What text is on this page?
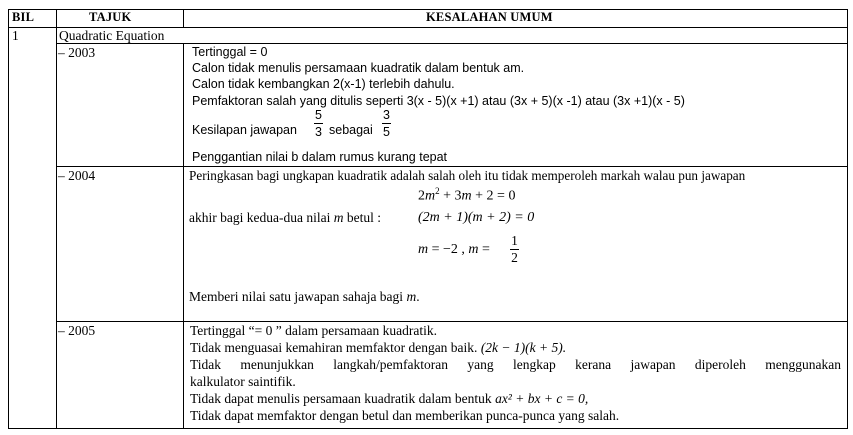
BIL	TAJUK	KESALAHAN UMUM
1	Quadratic Equation
– 2003	Tertinggal = 0
Calon tidak menulis persamaan kuadratik dalam bentuk am.
Calon tidak kembangkan 2(x-1) terlebih dahulu.
Pemfaktoran salah yang ditulis seperti 3(x - 5)(x +1) atau (3x + 5)(x -1) atau (3x +1)(x - 5)
Kesilapan jawapan
5
3 sebagai
3
5
Penggantian nilai b dalam rumus kurang tepat
– 2004	Peringkasan bagi ungkapan kuadratik adalah salah oleh itu tidak memperoleh markah walau pun jawapan
$2m^2 + 3m + 2 = 0$
akhir bagi kedua-dua nilai m betul :	(2m + 1)(m + 2) = 0
m = −2 , m =
1
2
Memberi nilai satu jawapan sahaja bagi m.
– 2005	Tertinggal “= 0 ” dalam persamaan kuadratik.
Tidak menguasai kemahiran memfaktor dengan baik. (2k − 1)(k + 5).
Tidak menunjukkan langkah/pemfaktoran yang lengkap kerana jawapan diperoleh menggunakan
kalkulator saintifik.
Tidak dapat menulis persamaan kuadratik dalam bentuk ax² + bx + c = 0,
Tidak dapat memfaktor dengan betul dan memberikan punca-punca yang salah.
